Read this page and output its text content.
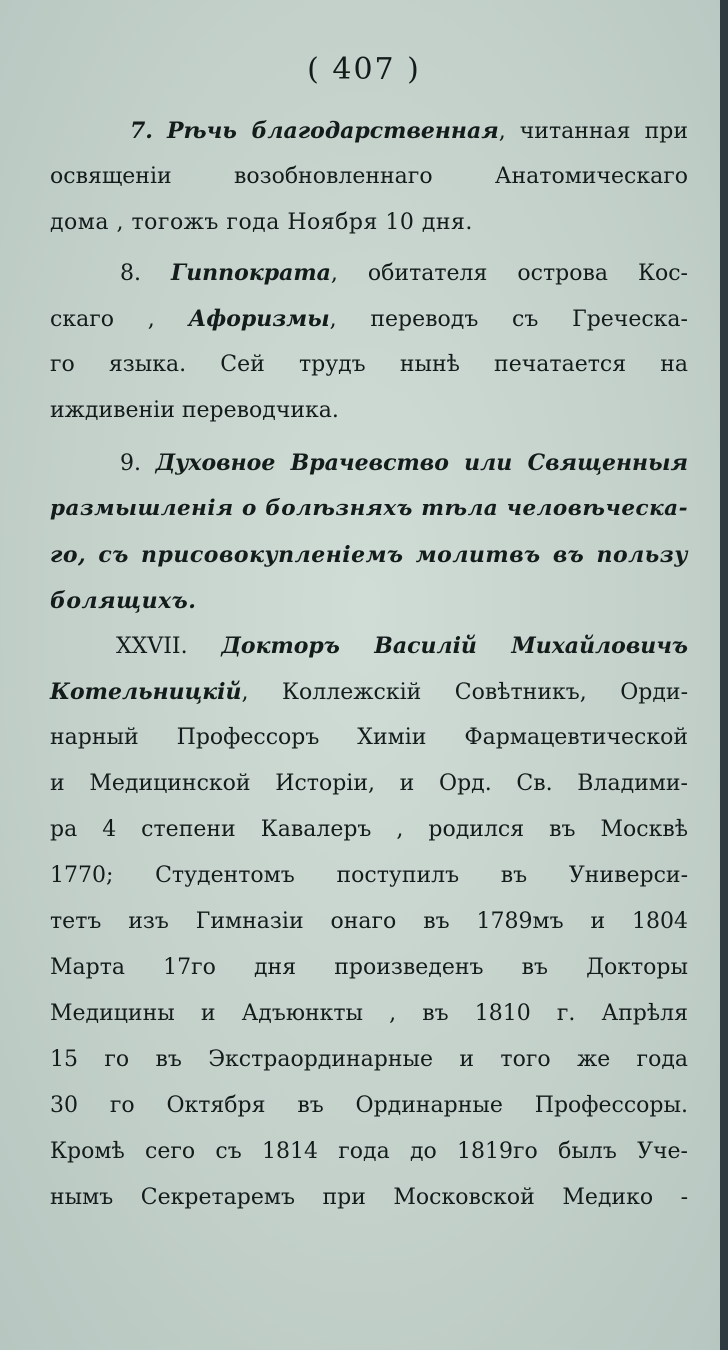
( 407 )
7. Рѣчь благодарственная, читанная при
освященiи возобновленнаго Анатомическаго
дома , тогожъ года Ноября 10 дня.
8. Гиппократа, обитателя острова Кос-
скаго , Афоризмы, переводъ съ Греческа-
го языка. Сей трудъ нынѣ печатается на
иждивенiи переводчика.
9. Духовное Врачевство или Священныя
размышленiя о болѣзняхъ тѣла человѣческа-
го, съ присовокупленiемъ молитвъ въ пользу
болящихъ.
XXVII. Докторъ Василiй Михайловичъ
Котельницкiй, Коллежскiй Совѣтникъ, Орди-
нарный Профессоръ Химiи Фармацевтической
и Медицинской Исторiи, и Орд. Св. Владими-
ра 4 степени Кавалеръ , родился въ Москвѣ
1770; Студентомъ поступилъ въ Универси-
тетъ изъ Гимназiи онаго въ 1789мъ и 1804
Марта 17го дня произведенъ въ Докторы
Медицины и Адъюнкты , въ 1810 г. Апрѣля
15 го въ Экстраординарные и того же года
30 го Октября въ Ординарные Профессоры.
Кромѣ сего съ 1814 года до 1819го былъ Уче-
нымъ Секретаремъ при Московской Медико -
